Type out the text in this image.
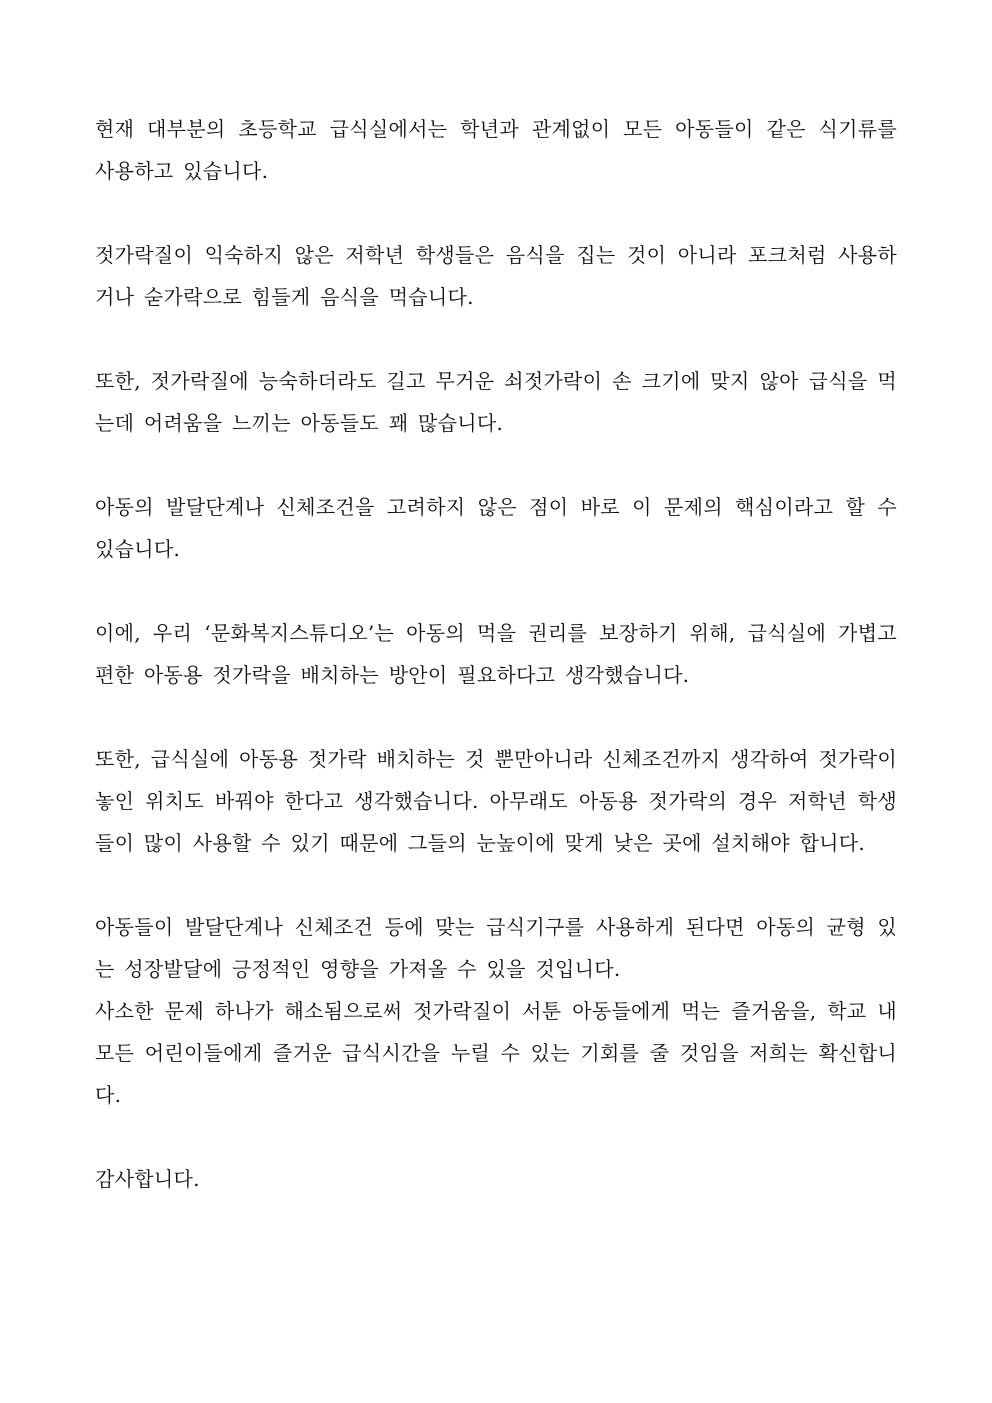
현재 대부분의 초등학교 급식실에서는 학년과 관계없이 모든 아동들이 같은 식기류를 사용하고 있습니다.

젓가락질이 익숙하지 않은 저학년 학생들은 음식을 집는 것이 아니라 포크처럼 사용하거나 숟가락으로 힘들게 음식을 먹습니다.

또한, 젓가락질에 능숙하더라도 길고 무거운 쇠젓가락이 손 크기에 맞지 않아 급식을 먹는데 어려움을 느끼는 아동들도 꽤 많습니다.

아동의 발달단계나 신체조건을 고려하지 않은 점이 바로 이 문제의 핵심이라고 할 수 있습니다.

이에, 우리 ‘문화복지스튜디오’는 아동의 먹을 권리를 보장하기 위해, 급식실에 가볍고 편한 아동용 젓가락을 배치하는 방안이 필요하다고 생각했습니다.

또한, 급식실에 아동용 젓가락 배치하는 것 뿐만아니라 신체조건까지 생각하여 젓가락이 놓인 위치도 바꿔야 한다고 생각했습니다. 아무래도 아동용 젓가락의 경우 저학년 학생들이 많이 사용할 수 있기 때문에 그들의 눈높이에 맞게 낮은 곳에 설치해야 합니다.

아동들이 발달단계나 신체조건 등에 맞는 급식기구를 사용하게 된다면 아동의 균형 있는 성장발달에 긍정적인 영향을 가져올 수 있을 것입니다.

사소한 문제 하나가 해소됨으로써 젓가락질이 서툰 아동들에게 먹는 즐거움을, 학교 내 모든 어린이들에게 즐거운 급식시간을 누릴 수 있는 기회를 줄 것임을 저희는 확신합니다.

감사합니다.
